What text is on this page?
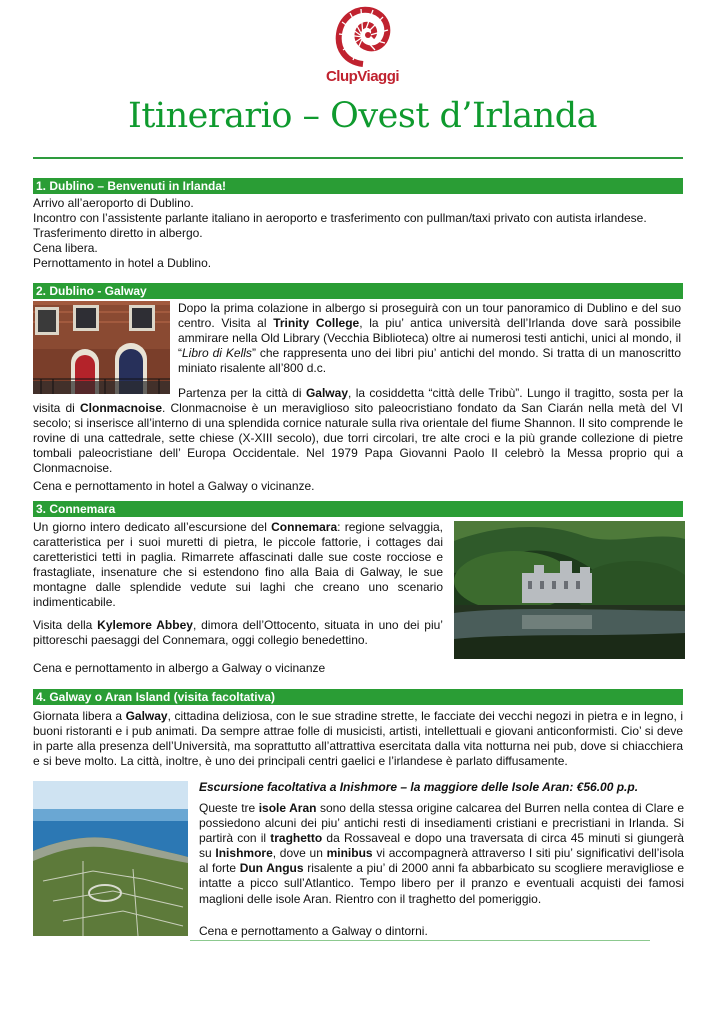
ClupViaggi
Itinerario – Ovest d’Irlanda
1. Dublino – Benvenuti in Irlanda!
Arrivo all’aeroporto di Dublino.
Incontro con l’assistente parlante italiano in aeroporto e trasferimento con pullman/taxi privato con autista irlandese.
Trasferimento diretto in albergo.
Cena libera.
Pernottamento in hotel a Dublino.
2. Dublino - Galway
Dopo la prima colazione in albergo si proseguirà con un tour panoramico di Dublino e del suo centro. Visita al Trinity College, la piu’ antica università dell’Irlanda dove sarà possibile ammirare nella Old Library (Vecchia Biblioteca) oltre ai numerosi testi antichi, unici al mondo, il “Libro di Kells” che rappresenta uno dei libri piu’ antichi del mondo. Si tratta di un manoscritto miniato risalente all’800 d.c.
Partenza per la città di Galway, la cosiddetta “città delle Tribù”. Lungo il tragitto, sosta per la visita di Clonmacnoise. Clonmacnoise è un meraviglioso sito paleocristiano fondato da San Ciarán nella metà del VI secolo; si inserisce all’interno di una splendida cornice naturale sulla riva orientale del fiume Shannon. Il sito comprende le rovine di una cattedrale, sette chiese (X-XIII secolo), due torri circolari, tre alte croci e la più grande collezione di pietre tombali paleocristiane dell’ Europa Occidentale. Nel 1979 Papa Giovanni Paolo II celebrò la Messa proprio qui a Clonmacnoise.
Cena e pernottamento in hotel a Galway o vicinanze.
3. Connemara
Un giorno intero dedicato all’escursione del Connemara: regione selvaggia, caratteristica per i suoi muretti di pietra, le piccole fattorie, i cottages dai caretteristici tetti in paglia. Rimarrete affascinati dalle sue coste rocciose e frastagliate, insenature che si estendono fino alla Baia di Galway, le sue montagne dalle splendide vedute sui laghi che creano uno scenario indimenticabile.
Visita della Kylemore Abbey, dimora dell’Ottocento, situata in uno dei piu’ pittoreschi paesaggi del Connemara, oggi collegio benedettino.
Cena e pernottamento in albergo a Galway o vicinanze
4. Galway o Aran Island (visita facoltativa)
Giornata libera a Galway, cittadina deliziosa, con le sue stradine strette, le facciate dei vecchi negozi in pietra e in legno, i buoni ristoranti e i pub animati. Da sempre attrae folle di musicisti, artisti, intellettuali e giovani anticonformisti. Cio’ si deve in parte alla presenza dell’Università, ma soprattutto all’attrattiva esercitata dalla vita notturna nei pub, dove si chiacchiera e si beve molto. La città, inoltre, è uno dei principali centri gaelici e l’irlandese è parlato diffusamente.
Escursione facoltativa a Inishmore – la maggiore delle Isole Aran: €56.00 p.p.
Queste tre isole Aran sono della stessa origine calcarea del Burren nella contea di Clare e possiedono alcuni dei piu’ antichi resti di insediamenti cristiani e precristiani in Irlanda. Si partirà con il traghetto da Rossaveal e dopo una traversata di circa 45 minuti si giungerà su Inishmore, dove un minibus vi accompagnerà attraverso I siti piu’ significativi dell’isola al forte Dun Angus risalente a piu’ di 2000 anni fa abbarbicato su scogliere meravigliose e intatte a picco sull’Atlantico. Tempo libero per il pranzo e eventuali acquisti dei famosi maglioni delle isole Aran. Rientro con il traghetto del pomeriggio.
Cena e pernottamento a Galway o dintorni.
